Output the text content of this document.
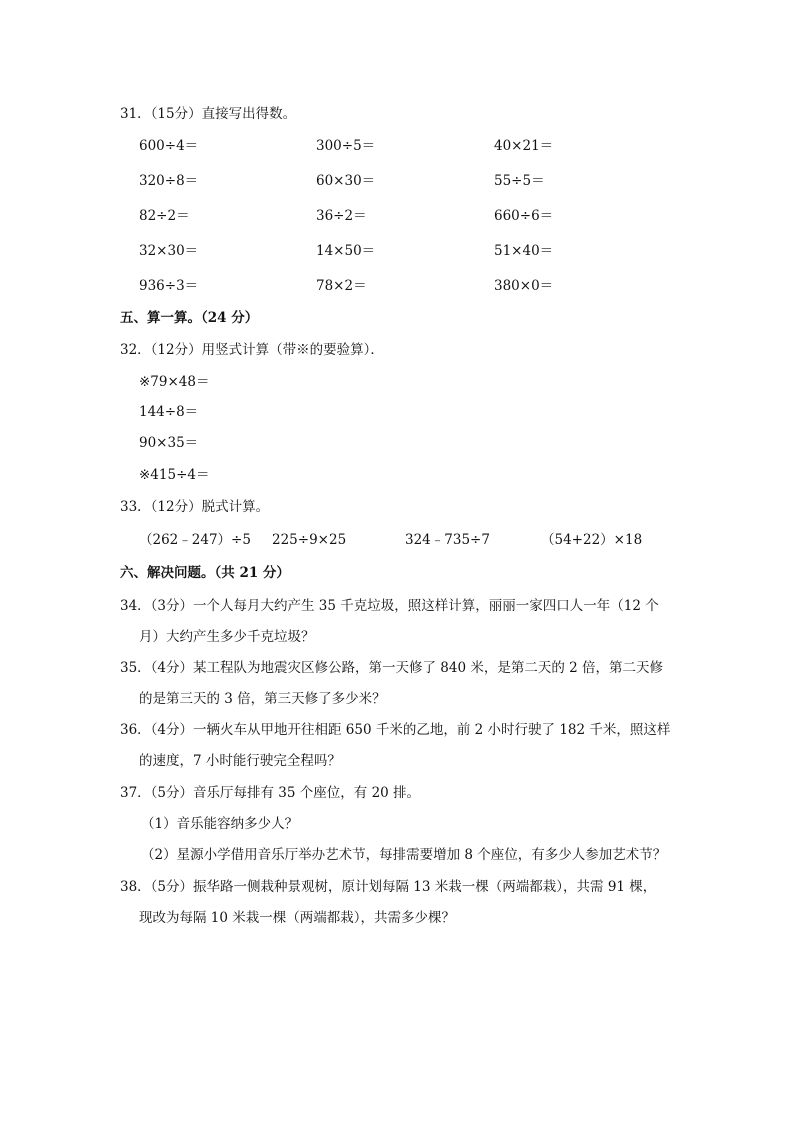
31．（15分）直接写出得数。
600÷4＝	300÷5＝	40×21＝
320÷8＝	60×30＝	55÷5＝
82÷2＝	36÷2＝	660÷6＝
32×30＝	14×50＝	51×40＝
936÷3＝	78×2＝	380×0＝
五、算一算。（24 分）
32．（12分）用竖式计算（带※的要验算）．
※79×48＝
144÷8＝
90×35＝
※415÷4＝
33．（12分）脱式计算。
（262﹣247）÷5 225÷9×25	324﹣735÷7	（54+22）×18
六、解决问题。（共 21 分）
34．（3分）一个人每月大约产生 35 千克垃圾，照这样计算，丽丽一家四口人一年（12 个
月）大约产生多少千克垃圾？
35．（4分）某工程队为地震灾区修公路，第一天修了 840 米，是第二天的 2 倍，第二天修
的是第三天的 3 倍，第三天修了多少米？
36．（4分）一辆火车从甲地开往相距 650 千米的乙地，前 2 小时行驶了 182 千米，照这样
的速度，7 小时能行驶完全程吗？
37．（5分）音乐厅每排有 35 个座位，有 20 排。
（1）音乐能容纳多少人？
（2）星源小学借用音乐厅举办艺术节，每排需要增加 8 个座位，有多少人参加艺术节？
38．（5分）振华路一侧栽种景观树，原计划每隔 13 米栽一棵（两端都栽），共需 91 棵，
现改为每隔 10 米栽一棵（两端都栽），共需多少棵？
